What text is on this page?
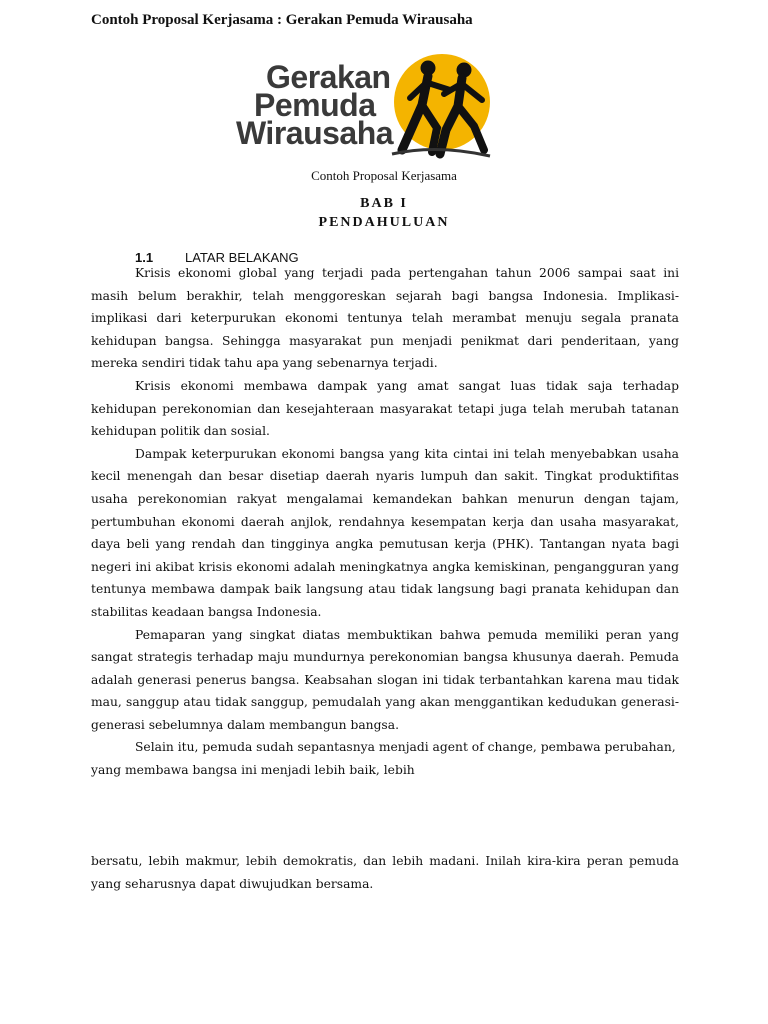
Contoh Proposal Kerjasama : Gerakan Pemuda Wirausaha
Gerakan
Pemuda
Wirausaha
Contoh Proposal Kerjasama
BAB I
PENDAHULUAN
1.1 LATAR BELAKANG

Krisis ekonomi global yang terjadi pada pertengahan tahun 2006 sampai saat ini masih belum berakhir, telah menggoreskan sejarah bagi bangsa Indonesia. Implikasi-implikasi dari keterpurukan ekonomi tentunya telah merambat menuju segala pranata kehidupan bangsa. Sehingga masyarakat pun menjadi penikmat dari penderitaan, yang mereka sendiri tidak tahu apa yang sebenarnya terjadi.

Krisis ekonomi membawa dampak yang amat sangat luas tidak saja terhadap kehidupan perekonomian dan kesejahteraan masyarakat tetapi juga telah merubah tatanan kehidupan politik dan sosial.

Dampak keterpurukan ekonomi bangsa yang kita cintai ini telah menyebabkan usaha kecil menengah dan besar disetiap daerah nyaris lumpuh dan sakit. Tingkat produktifitas usaha perekonomian rakyat mengalamai kemandekan bahkan menurun dengan tajam, pertumbuhan ekonomi daerah anjlok, rendahnya kesempatan kerja dan usaha masyarakat, daya beli yang rendah dan tingginya angka pemutusan kerja (PHK). Tantangan nyata bagi negeri ini akibat krisis ekonomi adalah meningkatnya angka kemiskinan, pengangguran yang tentunya membawa dampak baik langsung atau tidak langsung bagi pranata kehidupan dan stabilitas keadaan bangsa Indonesia.

Pemaparan yang singkat diatas membuktikan bahwa pemuda memiliki peran yang sangat strategis terhadap maju mundurnya perekonomian bangsa khusunya daerah. Pemuda adalah generasi penerus bangsa. Keabsahan slogan ini tidak terbantahkan karena mau tidak mau, sanggup atau tidak sanggup, pemudalah yang akan menggantikan kedudukan generasi-generasi sebelumnya dalam membangun bangsa.

Selain itu, pemuda sudah sepantasnya menjadi agent of change, pembawa perubahan, yang membawa bangsa ini menjadi lebih baik, lebih

bersatu, lebih makmur, lebih demokratis, dan lebih madani. Inilah kira-kira peran pemuda yang seharusnya dapat diwujudkan bersama.
